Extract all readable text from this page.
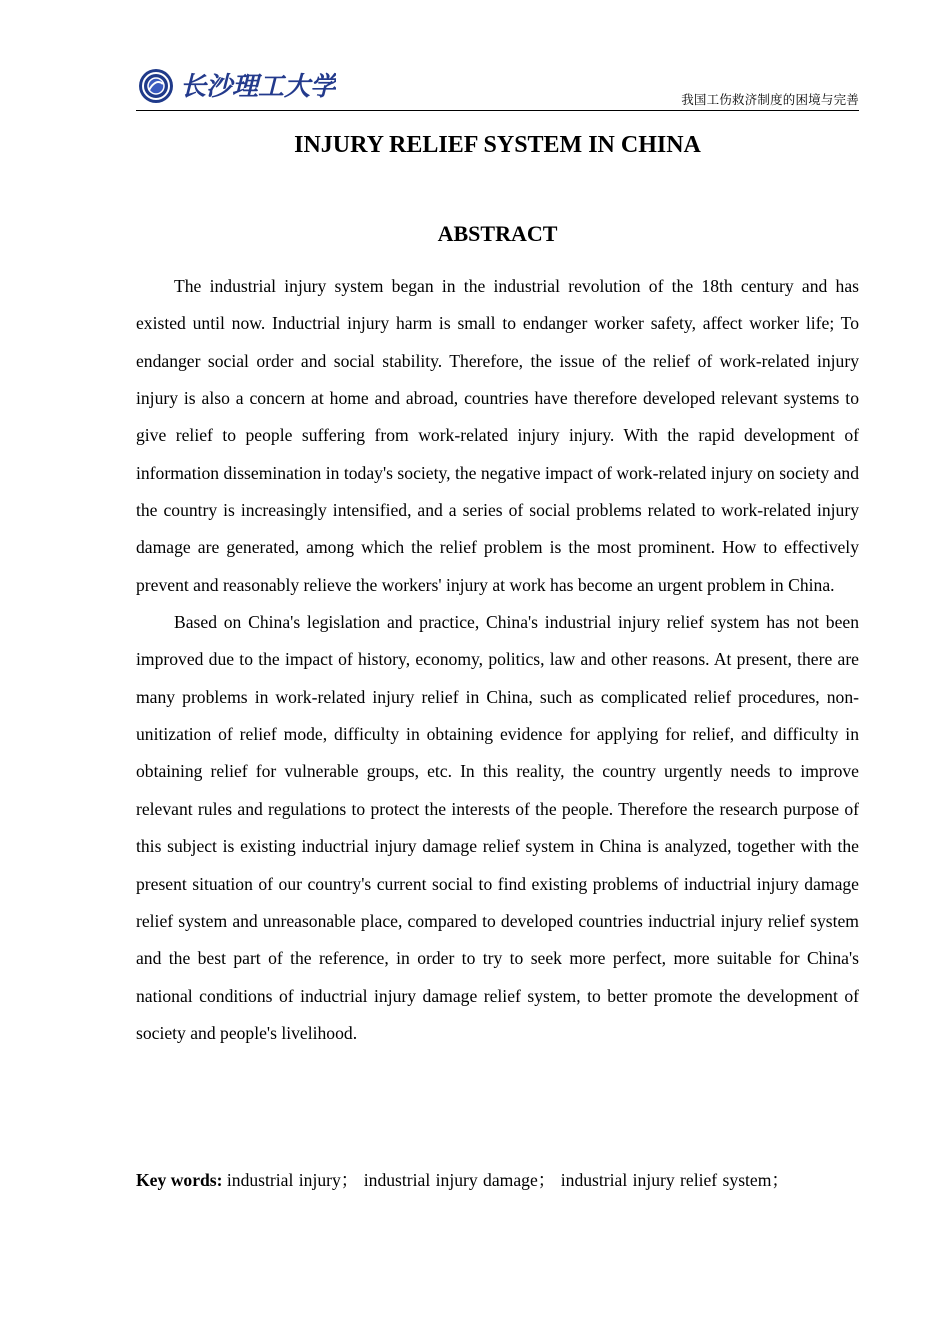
长沙理工大学	我国工伤救济制度的困境与完善
INJURY RELIEF SYSTEM IN CHINA
ABSTRACT

The industrial injury system began in the industrial revolution of the 18th century and has existed until now. Inductrial injury harm is small to endanger worker safety, affect worker life; To endanger social order and social stability. Therefore, the issue of the relief of work-related injury injury is also a concern at home and abroad, countries have therefore developed relevant systems to give relief to people suffering from work-related injury injury. With the rapid development of information dissemination in today's society, the negative impact of work-related injury on society and the country is increasingly intensified, and a series of social problems related to work-related injury damage are generated, among which the relief problem is the most prominent. How to effectively prevent and reasonably relieve the workers' injury at work has become an urgent problem in China.

Based on China's legislation and practice, China's industrial injury relief system has not been improved due to the impact of history, economy, politics, law and other reasons. At present, there are many problems in work-related injury relief in China, such as complicated relief procedures, non-unitization of relief mode, difficulty in obtaining evidence for applying for relief, and difficulty in obtaining relief for vulnerable groups, etc. In this reality, the country urgently needs to improve relevant rules and regulations to protect the interests of the people. Therefore the research purpose of this subject is existing inductrial injury damage relief system in China is analyzed, together with the present situation of our country's current social to find existing problems of inductrial injury damage relief system and unreasonable place, compared to developed countries inductrial injury relief system and the best part of the reference, in order to try to seek more perfect, more suitable for China's national conditions of inductrial injury damage relief system, to better promote the development of society and people's livelihood.

Key words: industrial injury； industrial injury damage； industrial injury relief system；
